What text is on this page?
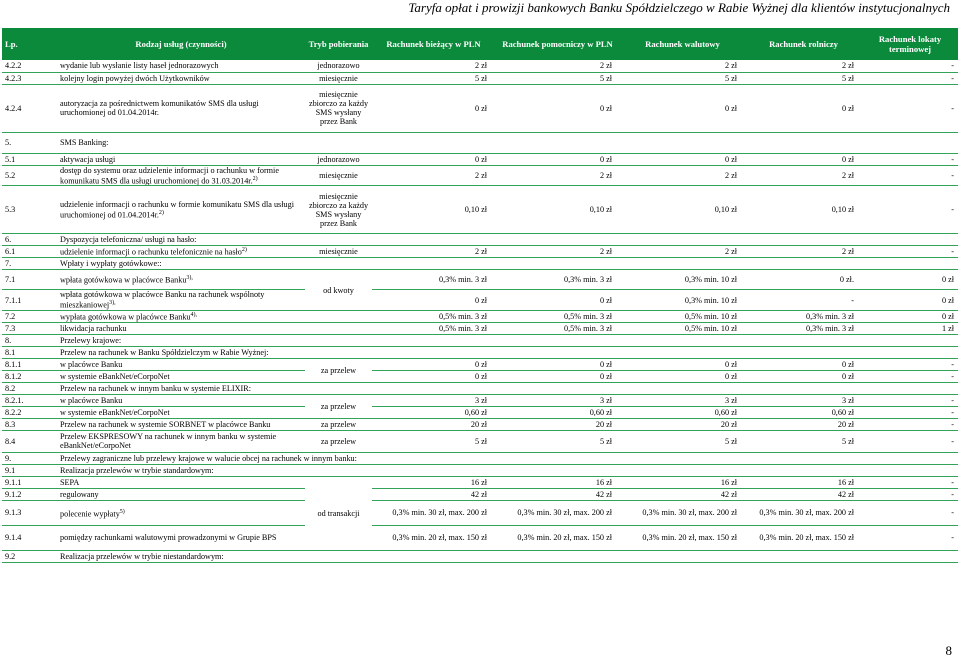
Taryfa opłat i prowizji bankowych Banku Spółdzielczego w Rabie Wyżnej dla klientów instytucjonalnych
Lp.	Rodzaj usług (czynności)	Tryb pobierania	Rachunek bieżący w PLN	Rachunek pomocniczy w PLN	Rachunek walutowy	Rachunek rolniczy	Rachunek lokaty terminowej
4.2.2	wydanie lub wysłanie listy haseł jednorazowych	jednorazowo	2 zł	2 zł	2 zł	2 zł	-
4.2.3	kolejny login powyżej dwóch Użytkowników	miesięcznie	5 zł	5 zł	5 zł	5 zł	-
4.2.4	autoryzacja za pośrednictwem komunikatów SMS dla usługi uruchomionej od 01.04.2014r.	miesięcznie zbiorczo za każdy SMS wysłany przez Bank	0 zł	0 zł	0 zł	0 zł	-
5.	SMS Banking:						
5.1	aktywacja usługi	jednorazowo	0 zł	0 zł	0 zł	0 zł	-
5.2	dostęp do systemu oraz udzielenie informacji o rachunku w formie komunikatu SMS dla usługi uruchomionej do 31.03.2014r.$^{2)}$	miesięcznie	2 zł	2 zł	2 zł	2 zł	-
5.3	udzielenie informacji o rachunku w formie komunikatu SMS dla usługi uruchomionej od 01.04.2014r.$^{2)}$	miesięcznie zbiorczo za każdy SMS wysłany przez Bank	0,10 zł	0,10 zł	0,10 zł	0,10 zł	-
6.	Dyspozycja telefoniczna/ usługi na hasło:						
6.1	udzielenie informacji o rachunku telefonicznie na hasło$^{2)}$	miesięcznie	2 zł	2 zł	2 zł	2 zł	-
7.	Wpłaty i wypłaty gotówkowe::						
7.1	wpłata gotówkowa w placówce Banku$^{3),}$	od kwoty	0,3% min. 3 zł	0,3% min. 3 zł	0,3% min. 10 zł	0 zł.	0 zł
7.1.1	wpłata gotówkowa w placówce Banku na rachunek wspólnoty mieszkaniowej$^{3),}$		0 zł	0 zł	0,3% min. 10 zł	-	0 zł
7.2	wypłata gotówkowa w placówce Banku$^{4),}$		0,5% min. 3 zł	0,5% min. 3 zł	0,5% min. 10 zł	0,3% min. 3 zł	0 zł
7.3	likwidacja rachunku		0,5% min. 3 zł	0,5% min. 3 zł	0,5% min. 10 zł	0,3% min. 3 zł	1 zł
8.	Przelewy krajowe:						
8.1	Przelew na rachunek w Banku Spółdzielczym w Rabie Wyżnej:						
8.1.1	w placówce Banku	za przelew	0 zł	0 zł	0 zł	0 zł	-
8.1.2	w systemie eBankNet/eCorpoNet		0 zł	0 zł	0 zł	0 zł	-
8.2	Przelew na rachunek w innym banku w systemie ELIXIR:						
8.2.1.	w placówce Banku	za przelew	3 zł	3 zł	3 zł	3 zł	-
8.2.2	w systemie eBankNet/eCorpoNet		0,60 zł	0,60 zł	0,60 zł	0,60 zł	-
8.3	Przelew na rachunek w systemie SORBNET w placówce Banku	za przelew	20 zł	20 zł	20 zł	20 zł	-
8.4	Przelew EKSPRESOWY na rachunek w innym banku w systemie eBankNet/eCorpoNet	za przelew	5 zł	5 zł	5 zł	5 zł	-
9.	Przelewy zagraniczne lub przelewy krajowe w walucie obcej na rachunek w innym banku:						
9.1	Realizacja przelewów w trybie standardowym:						
9.1.1	SEPA	od transakcji	16 zł	16 zł	16 zł	16 zł	-
9.1.2	regulowany		42 zł	42 zł	42 zł	42 zł	-
9.1.3	polecenie wypłaty$^{5)}$		0,3% min. 30 zł, max. 200 zł	0,3% min. 30 zł, max. 200 zł	0,3% min. 30 zł, max. 200 zł	0,3% min. 30 zł, max. 200 zł	-
9.1.4	pomiędzy rachunkami walutowymi prowadzonymi w Grupie BPS		0,3% min. 20 zł, max. 150 zł	0,3% min. 20 zł, max. 150 zł	0,3% min. 20 zł, max. 150 zł	0,3% min. 20 zł, max. 150 zł	-
9.2	Realizacja przelewów w trybie niestandardowym:						
8
